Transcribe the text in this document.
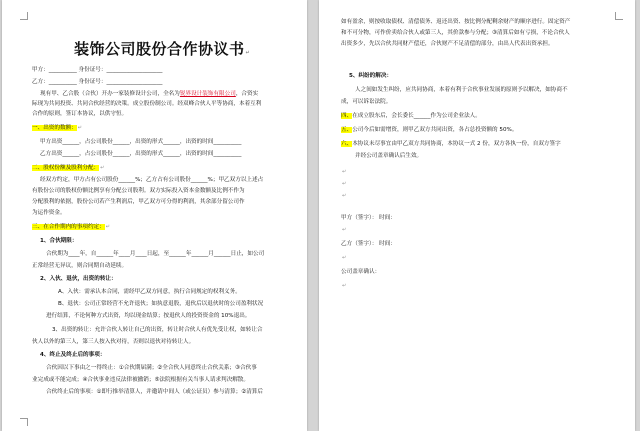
装饰公司股份合作协议书↵
甲方：__________ 身份证号：____________________
乙方：__________ 身份证号：____________________
现有甲、乙合股（合伙）开办一家装修设计公司，全名为锐界设计装饰有限公司，合资实
际现为共同投资、共同合伙经营的决策。成立股份制公司。经双峰合伙人平等协商，本着互利
合作的原则，签订本协议，以供守恒。
一、出资的数额：↵
甲方出资______，占公司股份______，出资的形式______，出资的时间__________
乙方出资______，占公司股份______，出资的形式______，出资的时间__________
二、股权份额及股利分配：↵
经双方约定，甲方占有公司股份______%；乙方占有公司股份______%；甲乙双方以上述占
有股份公司的股权份额比例享有分配公司股利。双方实际投入资本金数额及比例不作为
分配股利的依据，股份公司若产生利润后，甲乙双方可分得的利润，其余部分留公司作
为运作资金。
三、在合作期内的事项约定：↵
1、合伙期限：
合伙期为____年，自______年____月____日起，至______年______月______日止，如公司
正常经营无异议，则合同期自动延续。
2、入伙、退伙，出资的转让：
A、入伙：需承认本合同，需经甲乙双方同意，执行合同规定的权利义务。
B、退伙：公司正常经营不允许退伙；如执意退股，退伙后以退伙时的公司盈利状况
进行结算，不论何种方式出资，均以现金结算；按退伙人的投资资金的 10%退出。
3、出资的转让：允许合伙人转让自己的出资，转让时合伙人有优先受让权，如转让合
伙人以外的第三人，第三人按入伙对待，否则以退伙对待转让人。
4、终止及终止后的事项：
合伙因以下事由之一得终止：①合伙期届满；②全合伙人同意终止合伙关系；③合伙事
业完成或不能完成；④合伙事业违反法律被撤销；⑤法院根据有关当事人请求判决解散。
合伙终止后的事项：①即行推举清算人，并邀请中间人（或公证员）参与清算；②清算后
如有盈余，则按收取债权、清偿债务、返还出资、按比例分配剩余财产的顺序进行。固定资产
和不可分物，可作价卖给合伙人或第三人，其价款参与分配；③清算后如有亏损，不论合伙人
出资多少，先以合伙共同财产偿还，合伙财产不足清偿的部分，由出人代表出资承担。
5、纠纷的解决：
人之间如发生纠纷，应共同协商，本着有利于合伙事业发展的原则予以解决，如协商不
成，可以诉讼法院。
四、在成立股东后，会长委长______作为公司企业法人。
五、公司今后如需增资，则甲乙双方共同出资，各占总投资额的 50%。
六、本协议未尽事宜由甲乙双方共同协商，本协议一式 2 份，双方各执一份，自双方签字
并经公司盖章确认后生效。
↵
↵
↵
甲方（签字）： 时间：
↵
乙方（签字）： 时间：
↵
公司盖章确认：
↵
